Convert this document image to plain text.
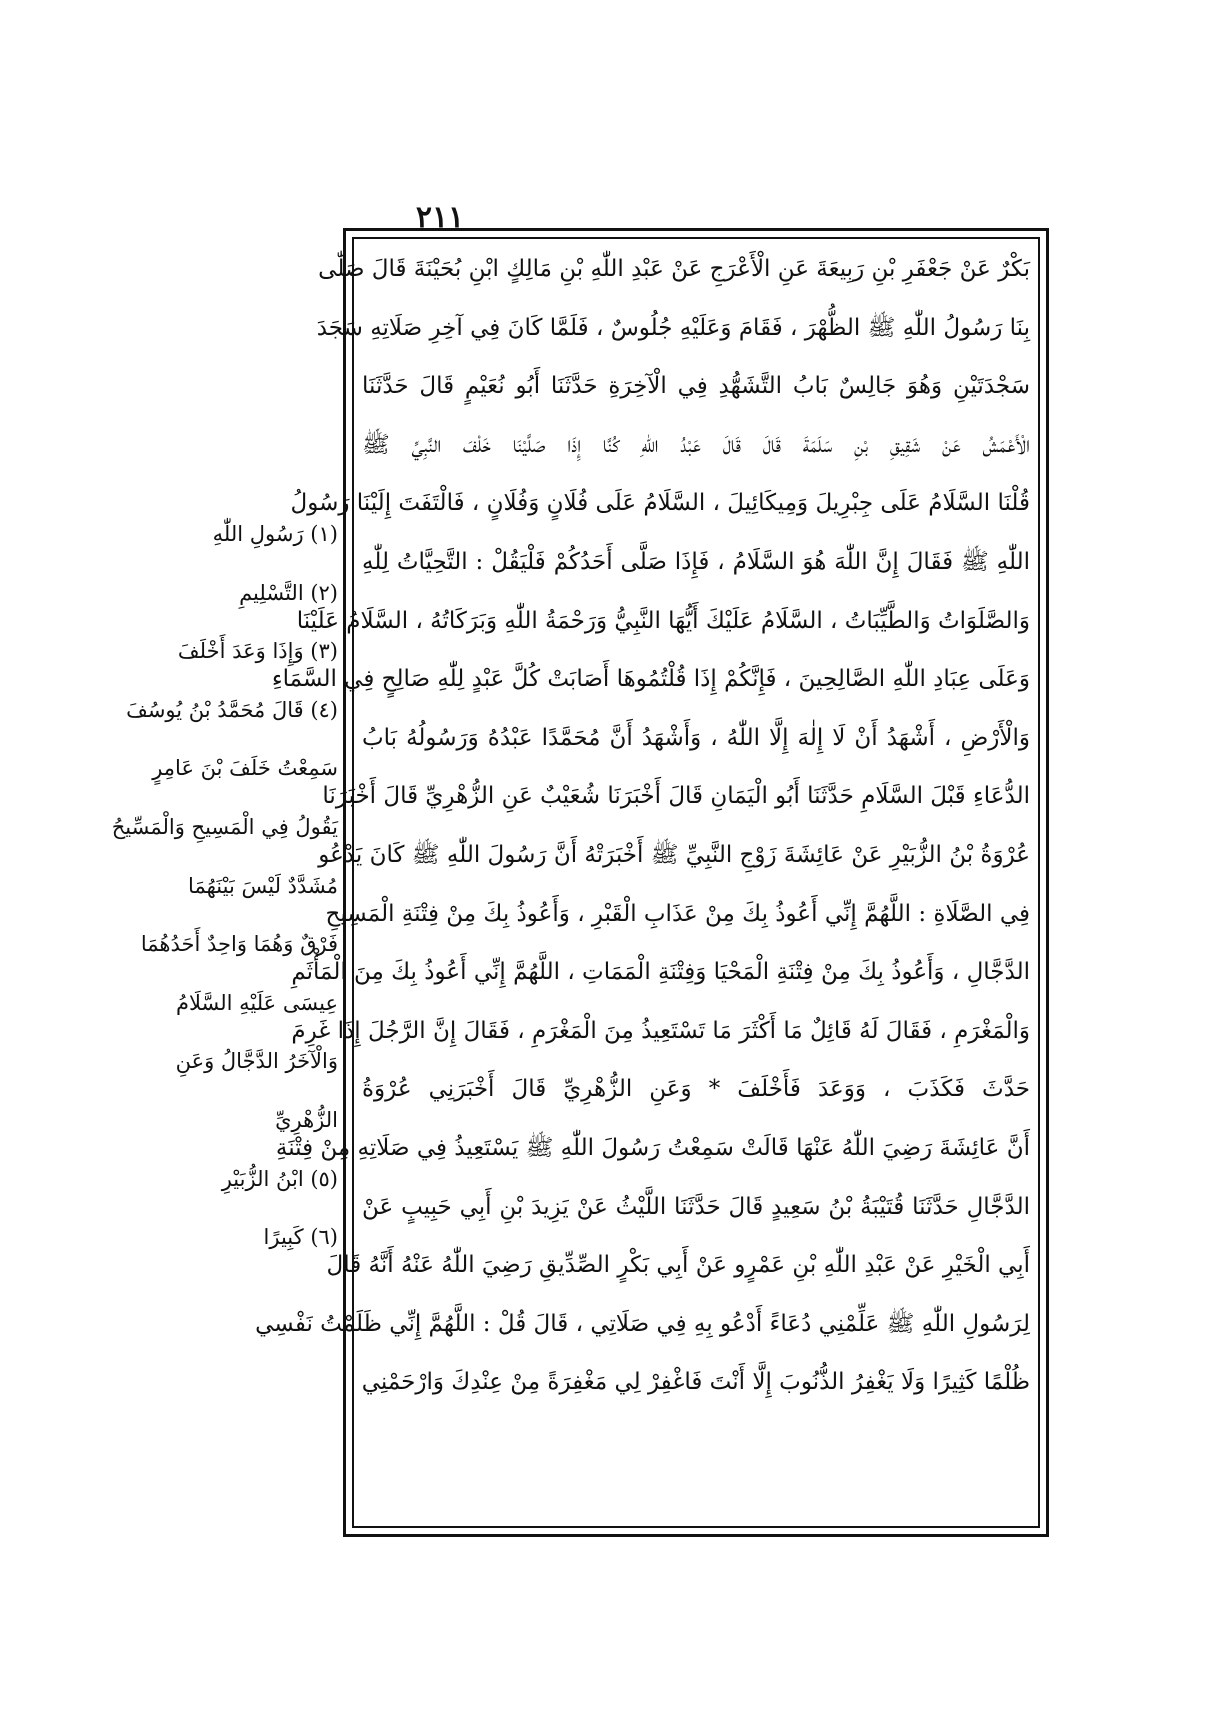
٢١١
بَكْرٌ عَنْ جَعْفَرِ بْنِ رَبِيعَةَ عَنِ الْأَعْرَجِ عَنْ عَبْدِ اللّٰهِ بْنِ مَالِكٍ ابْنِ بُحَيْنَةَ قَالَ صَلّٰى
بِنَا رَسُولُ اللّٰهِ ﷺ الظُّهْرَ ، فَقَامَ وَعَلَيْهِ جُلُوسٌ ، فَلَمَّا كَانَ فِي آخِرِ صَلَاتِهِ سَجَدَ
سَجْدَتَيْنِ وَهُوَ جَالِسٌ بَابُ التَّشَهُّدِ فِي الْآخِرَةِ حَدَّثَنَا أَبُو نُعَيْمٍ قَالَ حَدَّثَنَا
الْأَعْمَشُ عَنْ شَقِيقِ بْنِ سَلَمَةَ قَالَ قَالَ عَبْدُ اللّٰهِ كُنَّا إِذَا صَلَّيْنَا خَلْفَ النَّبِيِّ ﷺ
قُلْنَا السَّلَامُ عَلَى جِبْرِيلَ وَمِيكَائِيلَ ، السَّلَامُ عَلَى فُلَانٍ وَفُلَانٍ ، فَالْتَفَتَ إِلَيْنَا رَسُولُ
اللّٰهِ ﷺ فَقَالَ إِنَّ اللّٰهَ هُوَ السَّلَامُ ، فَإِذَا صَلَّى أَحَدُكُمْ فَلْيَقُلْ : التَّحِيَّاتُ لِلّٰهِ
وَالصَّلَوَاتُ وَالطَّيِّبَاتُ ، السَّلَامُ عَلَيْكَ أَيُّهَا النَّبِيُّ وَرَحْمَةُ اللّٰهِ وَبَرَكَاتُهُ ، السَّلَامُ عَلَيْنَا
وَعَلَى عِبَادِ اللّٰهِ الصَّالِحِينَ ، فَإِنَّكُمْ إِذَا قُلْتُمُوهَا أَصَابَتْ كُلَّ عَبْدٍ لِلّٰهِ صَالِحٍ فِي السَّمَاءِ
وَالْأَرْضِ ، أَشْهَدُ أَنْ لَا إِلٰهَ إِلَّا اللّٰهُ ، وَأَشْهَدُ أَنَّ مُحَمَّدًا عَبْدُهُ وَرَسُولُهُ بَابُ
الدُّعَاءِ قَبْلَ السَّلَامِ حَدَّثَنَا أَبُو الْيَمَانِ قَالَ أَخْبَرَنَا شُعَيْبٌ عَنِ الزُّهْرِيِّ قَالَ أَخْبَرَنَا
عُرْوَةُ بْنُ الزُّبَيْرِ عَنْ عَائِشَةَ زَوْجِ النَّبِيِّ ﷺ أَخْبَرَتْهُ أَنَّ رَسُولَ اللّٰهِ ﷺ كَانَ يَدْعُو
فِي الصَّلَاةِ : اللَّهُمَّ إِنِّي أَعُوذُ بِكَ مِنْ عَذَابِ الْقَبْرِ ، وَأَعُوذُ بِكَ مِنْ فِتْنَةِ الْمَسِيحِ
الدَّجَّالِ ، وَأَعُوذُ بِكَ مِنْ فِتْنَةِ الْمَحْيَا وَفِتْنَةِ الْمَمَاتِ ، اللَّهُمَّ إِنِّي أَعُوذُ بِكَ مِنَ الْمَأْثَمِ
وَالْمَغْرَمِ ، فَقَالَ لَهُ قَائِلٌ مَا أَكْثَرَ مَا تَسْتَعِيذُ مِنَ الْمَغْرَمِ ، فَقَالَ إِنَّ الرَّجُلَ إِذَا غَرِمَ
حَدَّثَ فَكَذَبَ ، وَوَعَدَ فَأَخْلَفَ * وَعَنِ الزُّهْرِيِّ قَالَ أَخْبَرَنِي عُرْوَةُ
أَنَّ عَائِشَةَ رَضِيَ اللّٰهُ عَنْهَا قَالَتْ سَمِعْتُ رَسُولَ اللّٰهِ ﷺ يَسْتَعِيذُ فِي صَلَاتِهِ مِنْ فِتْنَةِ
الدَّجَّالِ حَدَّثَنَا قُتَيْبَةُ بْنُ سَعِيدٍ قَالَ حَدَّثَنَا اللَّيْثُ عَنْ يَزِيدَ بْنِ أَبِي حَبِيبٍ عَنْ
أَبِي الْخَيْرِ عَنْ عَبْدِ اللّٰهِ بْنِ عَمْرٍو عَنْ أَبِي بَكْرٍ الصِّدِّيقِ رَضِيَ اللّٰهُ عَنْهُ أَنَّهُ قَالَ
لِرَسُولِ اللّٰهِ ﷺ عَلِّمْنِي دُعَاءً أَدْعُو بِهِ فِي صَلَاتِي ، قَالَ قُلْ : اللَّهُمَّ إِنِّي ظَلَمْتُ نَفْسِي
ظُلْمًا كَثِيرًا وَلَا يَغْفِرُ الذُّنُوبَ إِلَّا أَنْتَ فَاغْفِرْ لِي مَغْفِرَةً مِنْ عِنْدِكَ وَارْحَمْنِي
(١) رَسُولِ اللّٰهِ
(٢) التَّسْلِيمِ
(٣) وَإِذَا وَعَدَ أَخْلَفَ
(٤) قَالَ مُحَمَّدُ بْنُ يُوسُفَ
سَمِعْتُ خَلَفَ بْنَ عَامِرٍ
يَقُولُ فِي الْمَسِيحِ وَالْمَسِّيحُ
مُشَدَّدٌ لَيْسَ بَيْنَهُمَا
فَرْقٌ وَهُمَا وَاحِدٌ أَحَدُهُمَا
عِيسَى عَلَيْهِ السَّلَامُ
وَالْآخَرُ الدَّجَّالُ وَعَنِ
الزُّهْرِيِّ
(٥) ابْنُ الزُّبَيْرِ
(٦) كَبِيرًا
